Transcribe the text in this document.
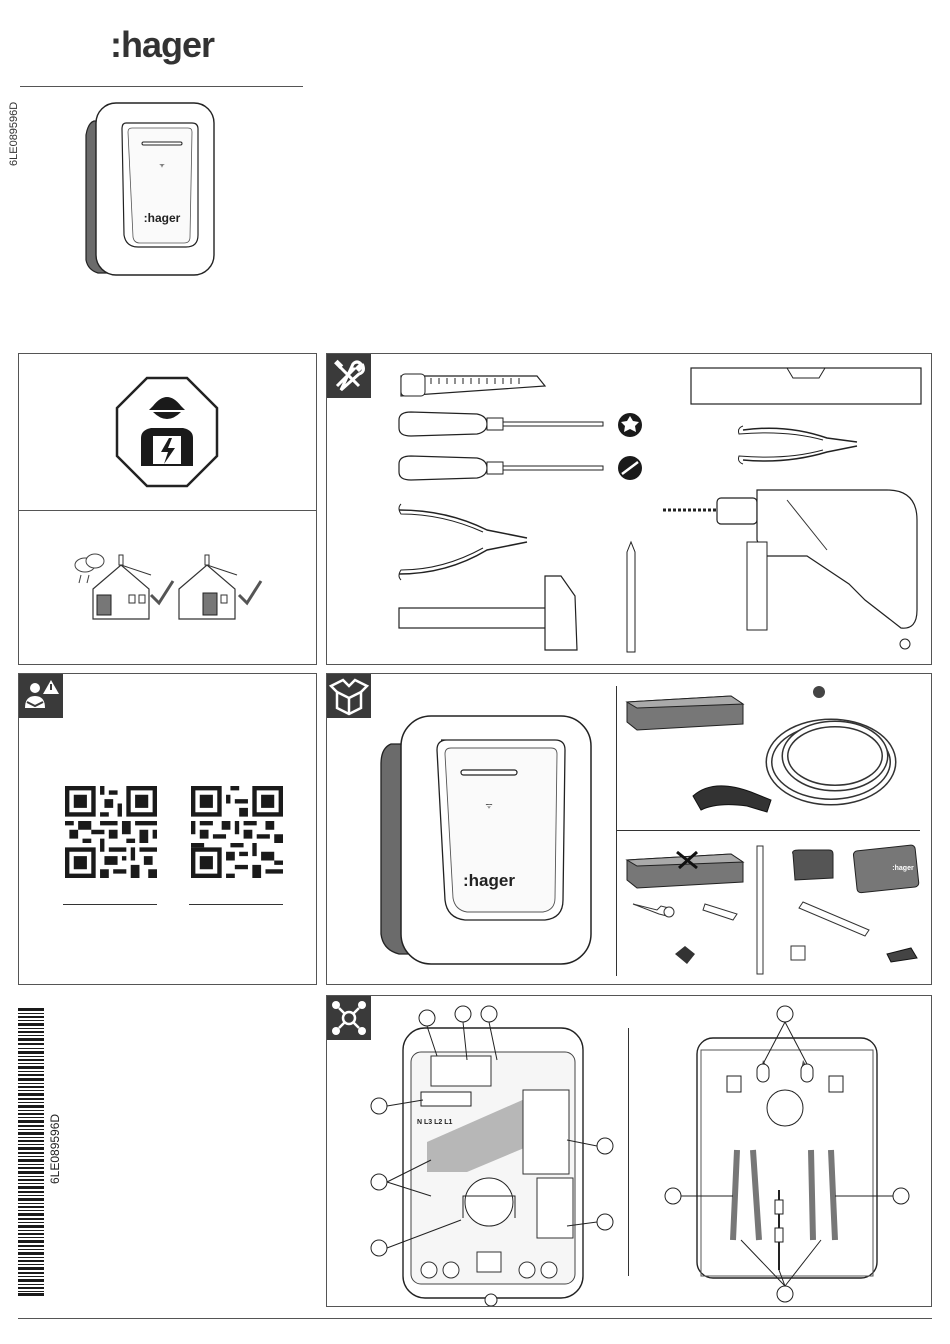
:hager
6LE089596D	ᯤ
:hager
ᯤ
:hager
:hager
6LE089596D	N L3 L2 L1
